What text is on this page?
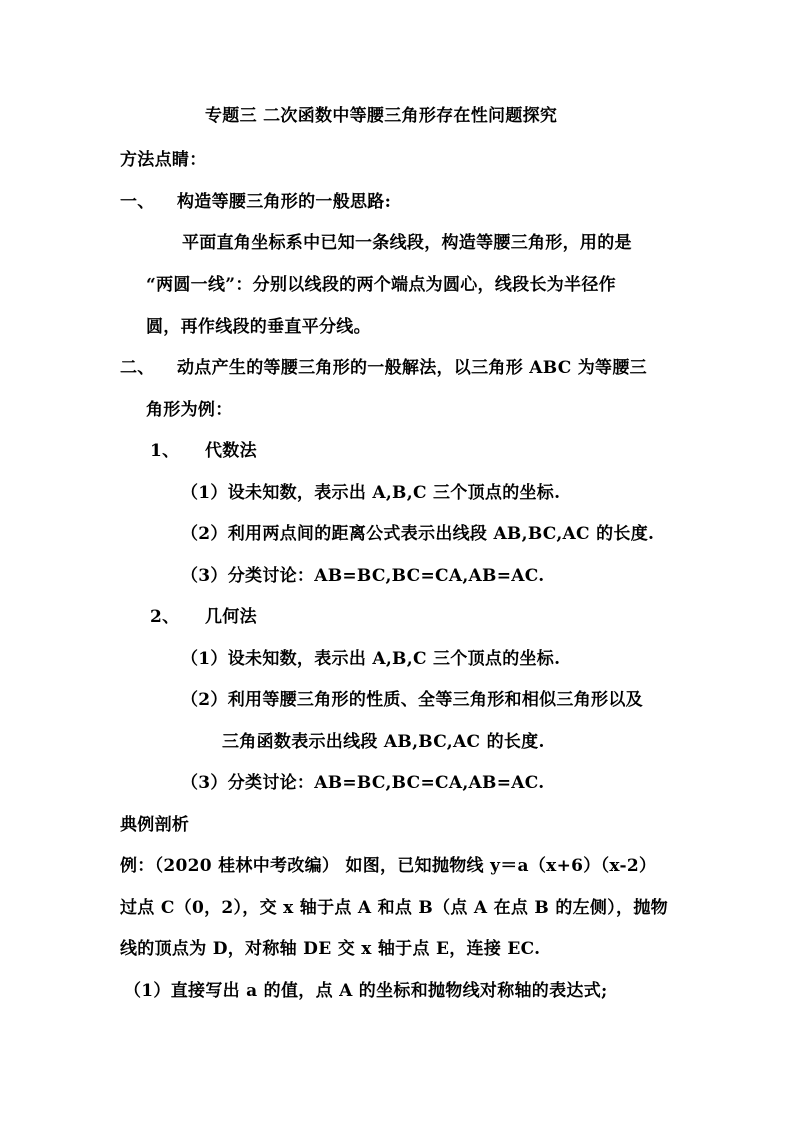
专题三 二次函数中等腰三角形存在性问题探究
方法点睛：
一、 构造等腰三角形的一般思路:
平面直角坐标系中已知一条线段，构造等腰三角形，用的是
“两圆一线”：分别以线段的两个端点为圆心，线段长为半径作
圆，再作线段的垂直平分线。
二、 动点产生的等腰三角形的一般解法，以三角形 ABC 为等腰三
角形为例：
1、 代数法
（1）设未知数，表示出 A,B,C 三个顶点的坐标.
（2）利用两点间的距离公式表示出线段 AB,BC,AC 的长度.
（3）分类讨论：AB=BC,BC=CA,AB=AC.
2、 几何法
（1）设未知数，表示出 A,B,C 三个顶点的坐标.
（2）利用等腰三角形的性质、全等三角形和相似三角形以及
三角函数表示出线段 AB,BC,AC 的长度.
（3）分类讨论：AB=BC,BC=CA,AB=AC.
典例剖析
例：（2020 桂林中考改编） 如图，已知抛物线 y＝a（x+6）（x-2）
过点 C（0，2），交 x 轴于点 A 和点 B（点 A 在点 B 的左侧），抛物
线的顶点为 D，对称轴 DE 交 x 轴于点 E，连接 EC.
（1）直接写出 a 的值，点 A 的坐标和抛物线对称轴的表达式;
